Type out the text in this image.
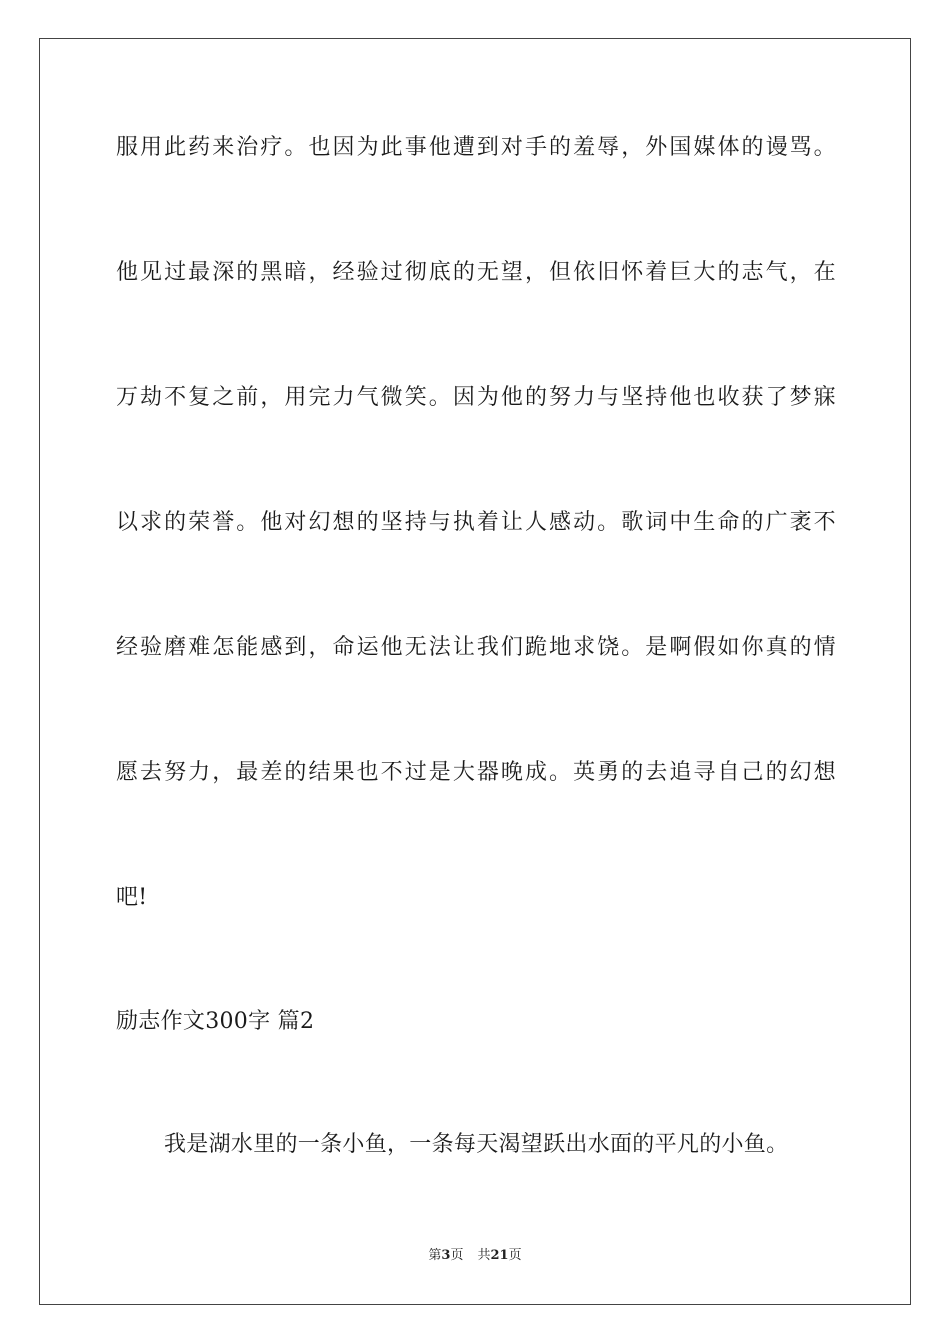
服用此药来治疗。也因为此事他遭到对手的羞辱，外国媒体的谩骂。
他见过最深的黑暗，经验过彻底的无望，但依旧怀着巨大的志气，在
万劫不复之前，用完力气微笑。因为他的努力与坚持他也收获了梦寐
以求的荣誉。他对幻想的坚持与执着让人感动。歌词中生命的广袤不
经验磨难怎能感到，命运他无法让我们跪地求饶。是啊假如你真的情
愿去努力，最差的结果也不过是大器晚成。英勇的去追寻自己的幻想
吧!
励志作文300字 篇2
我是湖水里的一条小鱼，一条每天渴望跃出水面的平凡的小鱼。
第3页 共21页
